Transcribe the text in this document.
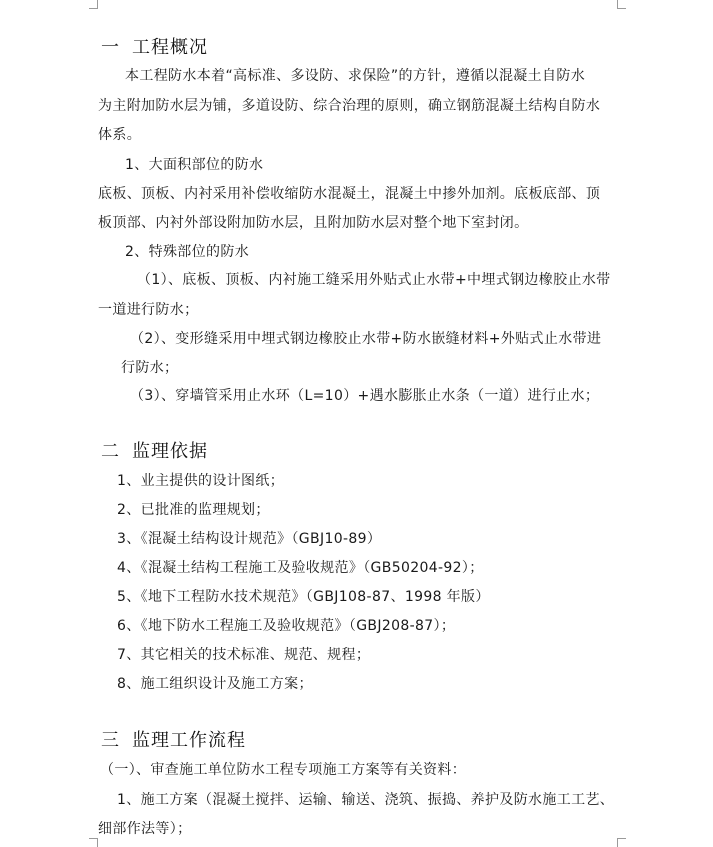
一 工程概况
本工程防水本着“高标准、多设防、求保险”的方针，遵循以混凝土自防水
为主附加防水层为铺，多道设防、综合治理的原则，确立钢筋混凝土结构自防水
体系。
1、大面积部位的防水
底板、顶板、内衬采用补偿收缩防水混凝土，混凝土中掺外加剂。底板底部、顶
板顶部、内衬外部设附加防水层，且附加防水层对整个地下室封闭。
2、特殊部位的防水
（1）、底板、顶板、内衬施工缝采用外贴式止水带+中埋式钢边橡胶止水带
一道进行防水；
（2）、变形缝采用中埋式钢边橡胶止水带+防水嵌缝材料+外贴式止水带进
行防水；
（3）、穿墙管采用止水环（L=10）+遇水膨胀止水条（一道）进行止水；
二 监理依据
1、业主提供的设计图纸；
2、已批准的监理规划；
3、《混凝土结构设计规范》（GBJ10-89）
4、《混凝土结构工程施工及验收规范》（GB50204-92）；
5、《地下工程防水技术规范》（GBJ108-87、1998 年版）
6、《地下防水工程施工及验收规范》（GBJ208-87）；
7、其它相关的技术标准、规范、规程；
8、施工组织设计及施工方案；
三 监理工作流程
（一）、审查施工单位防水工程专项施工方案等有关资料：
1、施工方案（混凝土搅拌、运输、输送、浇筑、振捣、养护及防水施工工艺、
细部作法等）；
